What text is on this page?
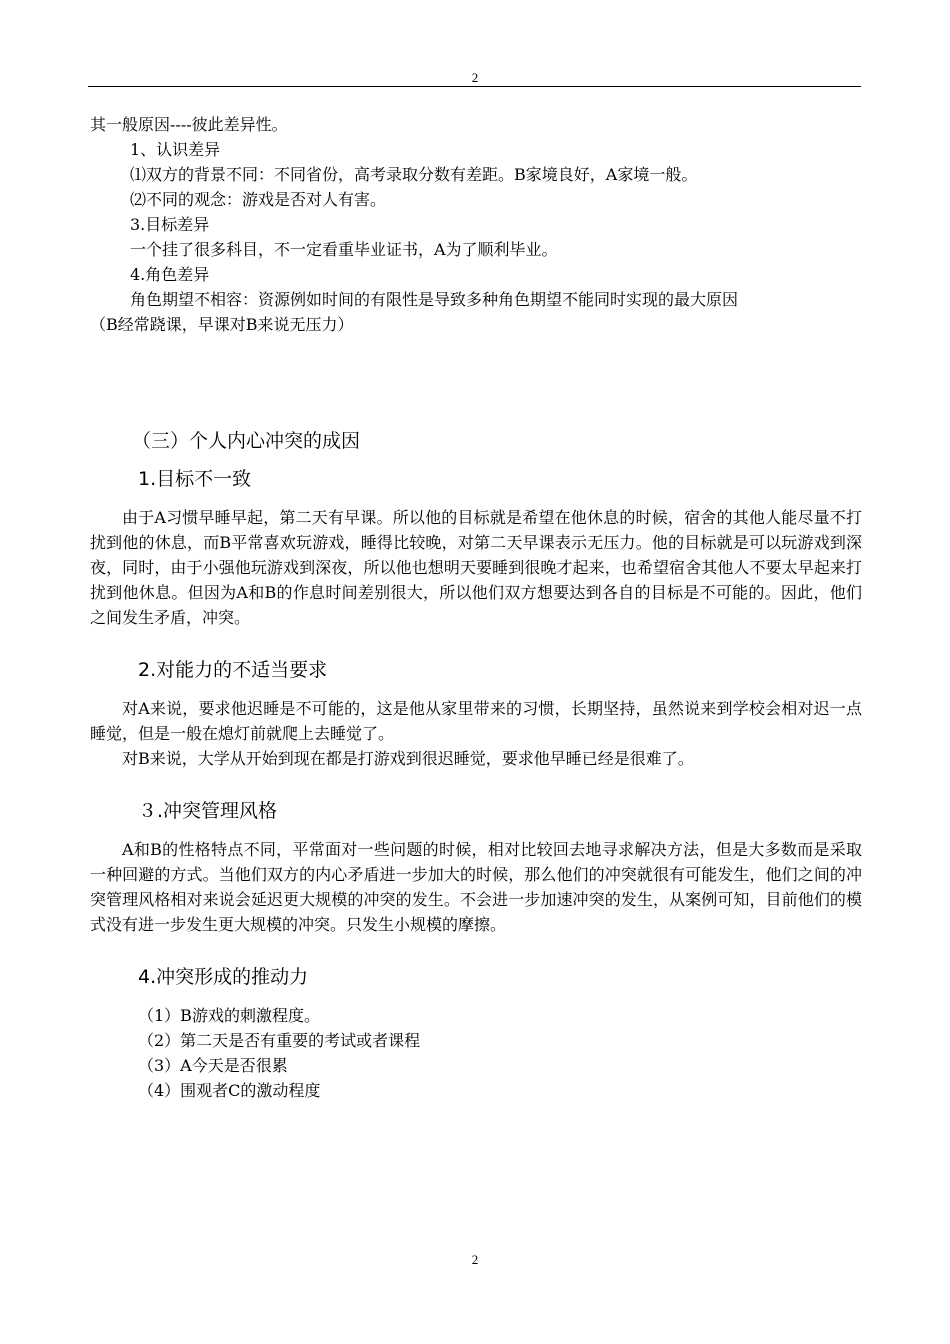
2
其一般原因----彼此差异性。
1、认识差异
⑴双方的背景不同：不同省份，高考录取分数有差距。B家境良好，A家境一般。
⑵不同的观念：游戏是否对人有害。
3.目标差异
一个挂了很多科目，不一定看重毕业证书，A为了顺利毕业。
4.角色差异
角色期望不相容：资源例如时间的有限性是导致多种角色期望不能同时实现的最大原因
（B经常跷课，早课对B来说无压力）
（三）个人内心冲突的成因
1.目标不一致
由于A习惯早睡早起，第二天有早课。所以他的目标就是希望在他休息的时候，宿舍的其他人能尽量不打扰到他的休息，而B平常喜欢玩游戏，睡得比较晚，对第二天早课表示无压力。他的目标就是可以玩游戏到深夜，同时，由于小强他玩游戏到深夜，所以他也想明天要睡到很晚才起来，也希望宿舍其他人不要太早起来打扰到他休息。但因为A和B的作息时间差别很大，所以他们双方想要达到各自的目标是不可能的。因此，他们之间发生矛盾，冲突。
2.对能力的不适当要求
对A来说，要求他迟睡是不可能的，这是他从家里带来的习惯，长期坚持，虽然说来到学校会相对迟一点睡觉，但是一般在熄灯前就爬上去睡觉了。
对B来说，大学从开始到现在都是打游戏到很迟睡觉，要求他早睡已经是很难了。
３.冲突管理风格
A和B的性格特点不同，平常面对一些问题的时候，相对比较回去地寻求解决方法，但是大多数而是采取一种回避的方式。当他们双方的内心矛盾进一步加大的时候，那么他们的冲突就很有可能发生，他们之间的冲突管理风格相对来说会延迟更大规模的冲突的发生。不会进一步加速冲突的发生，从案例可知，目前他们的模式没有进一步发生更大规模的冲突。只发生小规模的摩擦。
4.冲突形成的推动力
（1）B游戏的刺激程度。
（2）第二天是否有重要的考试或者课程
（3）A今天是否很累
（4）围观者C的激动程度
2
